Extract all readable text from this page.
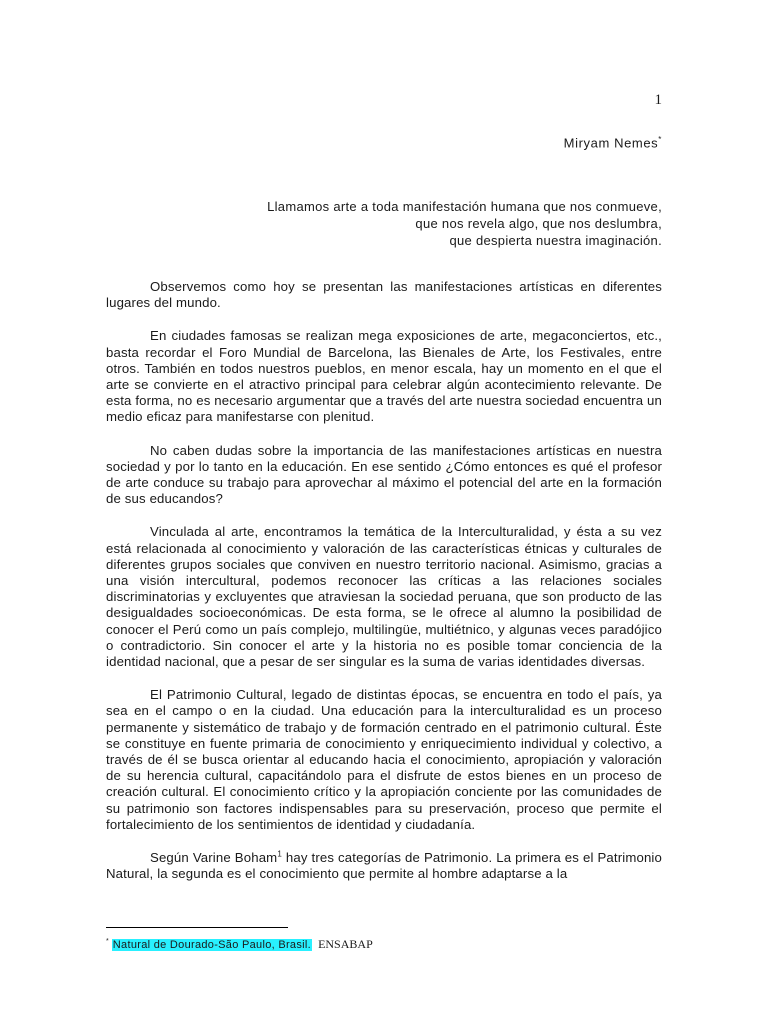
1
Miryam Nemes*
Llamamos arte a toda manifestación humana que nos conmueve,
que nos revela algo, que nos deslumbra,
que despierta nuestra imaginación.

Observemos como hoy se presentan las manifestaciones artísticas en diferentes lugares del mundo.

En ciudades famosas se realizan mega exposiciones de arte, megaconciertos, etc., basta recordar el Foro Mundial de Barcelona, las Bienales de Arte, los Festivales, entre otros. También en todos nuestros pueblos, en menor escala, hay un momento en el que el arte se convierte en el atractivo principal para celebrar algún acontecimiento relevante. De esta forma, no es necesario argumentar que a través del arte nuestra sociedad encuentra un medio eficaz para manifestarse con plenitud.

No caben dudas sobre la importancia de las manifestaciones artísticas en nuestra sociedad y por lo tanto en la educación. En ese sentido ¿Cómo entonces es qué el profesor de arte conduce su trabajo para aprovechar al máximo el potencial del arte en la formación de sus educandos?

Vinculada al arte, encontramos la temática de la Interculturalidad, y ésta a su vez está relacionada al conocimiento y valoración de las características étnicas y culturales de diferentes grupos sociales que conviven en nuestro territorio nacional. Asimismo, gracias a una visión intercultural, podemos reconocer las críticas a las relaciones sociales discriminatorias y excluyentes que atraviesan la sociedad peruana, que son producto de las desigualdades socioeconómicas. De esta forma, se le ofrece al alumno la posibilidad de conocer el Perú como un país complejo, multilingüe, multiétnico, y algunas veces paradójico o contradictorio. Sin conocer el arte y la historia no es posible tomar conciencia de la identidad nacional, que a pesar de ser singular es la suma de varias identidades diversas.

El Patrimonio Cultural, legado de distintas épocas, se encuentra en todo el país, ya sea en el campo o en la ciudad. Una educación para la interculturalidad es un proceso permanente y sistemático de trabajo y de formación centrado en el patrimonio cultural. Éste se constituye en fuente primaria de conocimiento y enriquecimiento individual y colectivo, a través de él se busca orientar al educando hacia el conocimiento, apropiación y valoración de su herencia cultural, capacitándolo para el disfrute de estos bienes en un proceso de creación cultural. El conocimiento crítico y la apropiación conciente por las comunidades de su patrimonio son factores indispensables para su preservación, proceso que permite el fortalecimiento de los sentimientos de identidad y ciudadanía.

Según Varine Boham$^1$ hay tres categorías de Patrimonio. La primera es el Patrimonio Natural, la segunda es el conocimiento que permite al hombre adaptarse a la

* Natural de Dourado-São Paulo, Brasil. ENSABAP
